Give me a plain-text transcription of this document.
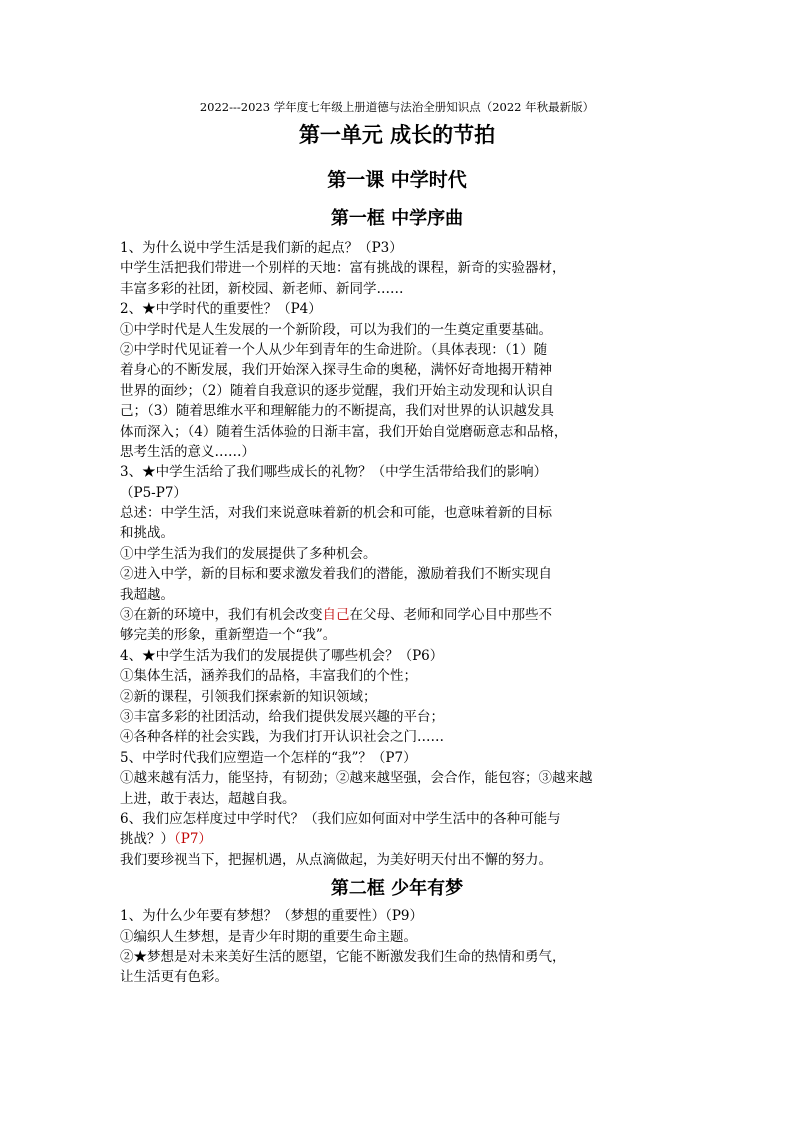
2022---2023 学年度七年级上册道德与法治全册知识点（2022 年秋最新版）
第一单元 成长的节拍
第一课 中学时代
第一框 中学序曲
1、为什么说中学生活是我们新的起点？（P3）
中学生活把我们带进一个别样的天地：富有挑战的课程，新奇的实验器材，
丰富多彩的社团，新校园、新老师、新同学……
2、★中学时代的重要性？（P4）
①中学时代是人生发展的一个新阶段，可以为我们的一生奠定重要基础。
②中学时代见证着一个人从少年到青年的生命进阶。（具体表现：（1）随
着身心的不断发展，我们开始深入探寻生命的奥秘，满怀好奇地揭开精神
世界的面纱；（2）随着自我意识的逐步觉醒，我们开始主动发现和认识自
己；（3）随着思维水平和理解能力的不断提高，我们对世界的认识越发具
体而深入；（4）随着生活体验的日渐丰富，我们开始自觉磨砺意志和品格，
思考生活的意义……）
3、★中学生活给了我们哪些成长的礼物？（中学生活带给我们的影响）
（P5-P7）
总述：中学生活，对我们来说意味着新的机会和可能，也意味着新的目标
和挑战。
①中学生活为我们的发展提供了多种机会。
②进入中学，新的目标和要求激发着我们的潜能，激励着我们不断实现自
我超越。
③在新的环境中，我们有机会改变自己在父母、老师和同学心目中那些不
够完美的形象，重新塑造一个“我”。
4、★中学生活为我们的发展提供了哪些机会？（P6）
①集体生活，涵养我们的品格，丰富我们的个性；
②新的课程，引领我们探索新的知识领域；
③丰富多彩的社团活动，给我们提供发展兴趣的平台；
④各种各样的社会实践，为我们打开认识社会之门……
5、中学时代我们应塑造一个怎样的“我”？（P7）
①越来越有活力，能坚持，有韧劲；②越来越坚强，会合作，能包容；③越来越
上进，敢于表达，超越自我。
6、我们应怎样度过中学时代？（我们应如何面对中学生活中的各种可能与
挑战？）（P7）
我们要珍视当下，把握机遇，从点滴做起，为美好明天付出不懈的努力。
第二框 少年有梦
1、为什么少年要有梦想？（梦想的重要性）（P9）
①编织人生梦想，是青少年时期的重要生命主题。
②★梦想是对未来美好生活的愿望，它能不断激发我们生命的热情和勇气，
让生活更有色彩。
